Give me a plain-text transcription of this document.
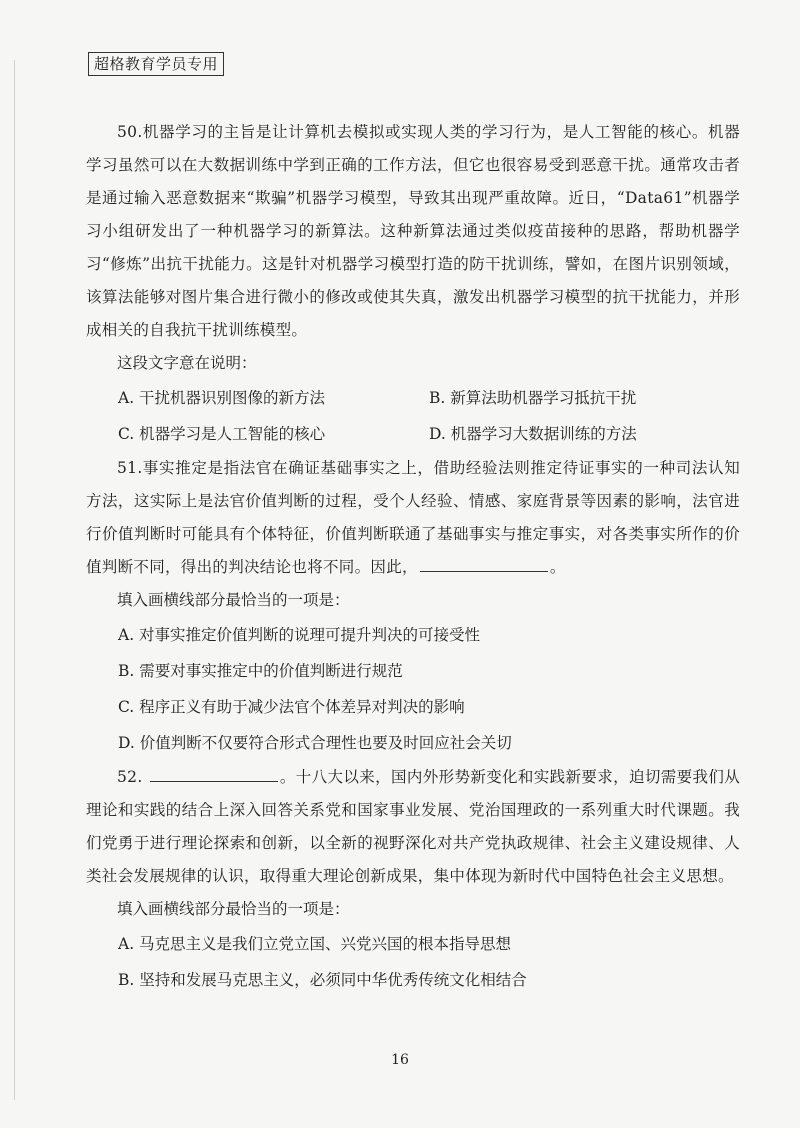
超格教育学员专用

50.机器学习的主旨是让计算机去模拟或实现人类的学习行为，是人工智能的核心。机器学习虽然可以在大数据训练中学到正确的工作方法，但它也很容易受到恶意干扰。通常攻击者是通过输入恶意数据来“欺骗”机器学习模型，导致其出现严重故障。近日，“Data61”机器学习小组研发出了一种机器学习的新算法。这种新算法通过类似疫苗接种的思路，帮助机器学习“修炼”出抗干扰能力。这是针对机器学习模型打造的防干扰训练，譬如，在图片识别领域，该算法能够对图片集合进行微小的修改或使其失真，激发出机器学习模型的抗干扰能力，并形成相关的自我抗干扰训练模型。

这段文字意在说明：

A. 干扰机器识别图像的新方法	B. 新算法助机器学习抵抗干扰
C. 机器学习是人工智能的核心	D. 机器学习大数据训练的方法

51.事实推定是指法官在确证基础事实之上，借助经验法则推定待证事实的一种司法认知方法，这实际上是法官价值判断的过程，受个人经验、情感、家庭背景等因素的影响，法官进行价值判断时可能具有个体特征，价值判断联通了基础事实与推定事实，对各类事实所作的价值判断不同，得出的判决结论也将不同。因此，	。

填入画横线部分最恰当的一项是：

A. 对事实推定价值判断的说理可提升判决的可接受性

B. 需要对事实推定中的价值判断进行规范

C. 程序正义有助于减少法官个体差异对判决的影响

D. 价值判断不仅要符合形式合理性也要及时回应社会关切

52.	。十八大以来，国内外形势新变化和实践新要求，迫切需要我们从理论和实践的结合上深入回答关系党和国家事业发展、党治国理政的一系列重大时代课题。我们党勇于进行理论探索和创新，以全新的视野深化对共产党执政规律、社会主义建设规律、人类社会发展规律的认识，取得重大理论创新成果，集中体现为新时代中国特色社会主义思想。

填入画横线部分最恰当的一项是：

A. 马克思主义是我们立党立国、兴党兴国的根本指导思想

B. 坚持和发展马克思主义，必须同中华优秀传统文化相结合

16
